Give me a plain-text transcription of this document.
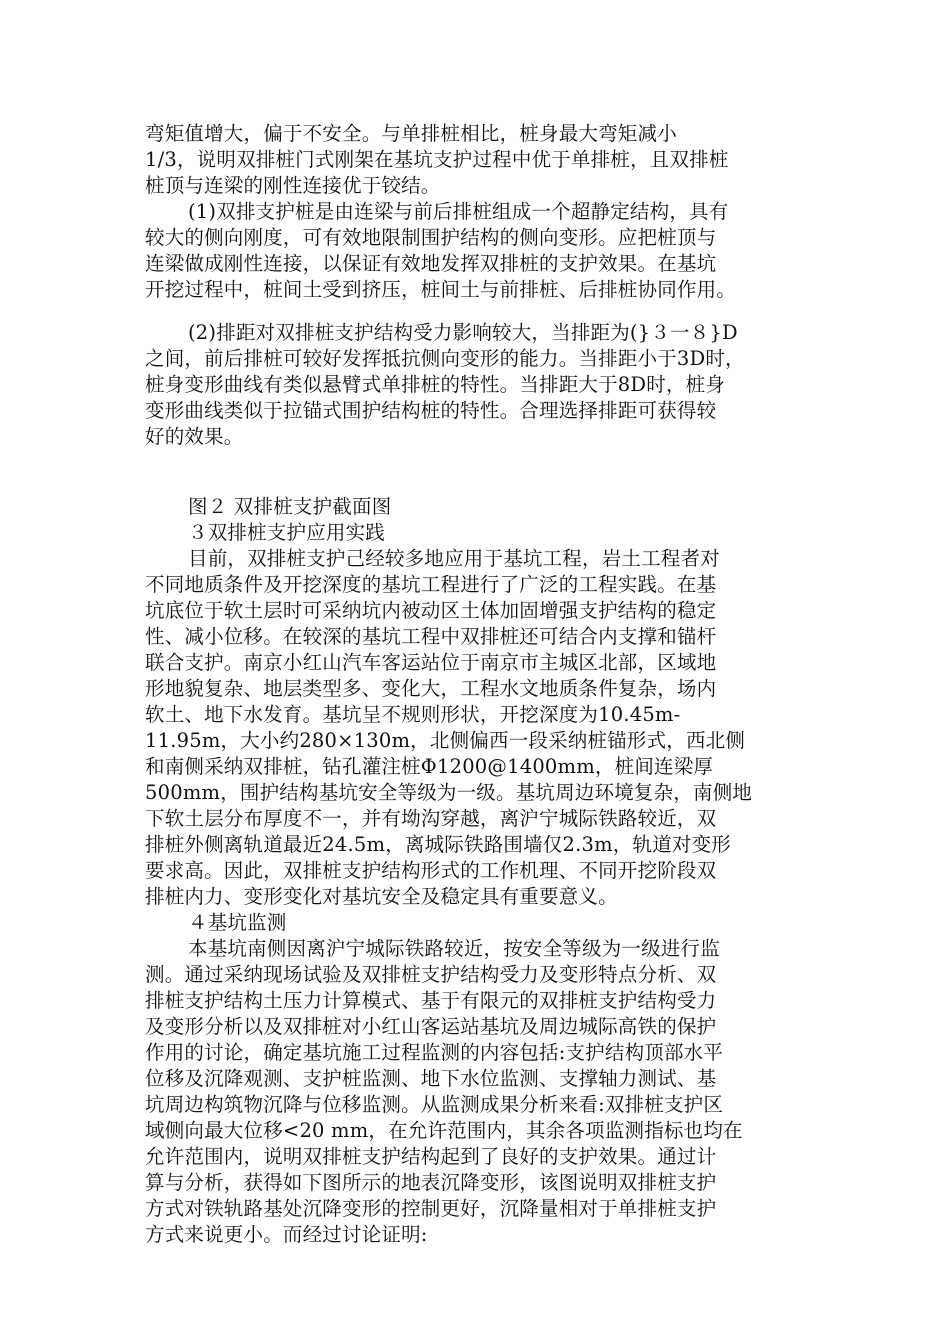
弯矩值增大，偏于不安全。与单排桩相比，桩身最大弯矩减小
1/3，说明双排桩门式刚架在基坑支护过程中优于单排桩，且双排桩
桩顶与连梁的刚性连接优于铰结。
(1)双排支护桩是由连梁与前后排桩组成一个超静定结构，具有
较大的侧向刚度，可有效地限制围护结构的侧向变形。应把桩顶与
连梁做成刚性连接，以保证有效地发挥双排桩的支护效果。在基坑
开挖过程中，桩间土受到挤压，桩间土与前排桩、后排桩协同作用。
(2)排距对双排桩支护结构受力影响较大，当排距为(}３一８}D
之间，前后排桩可较好发挥抵抗侧向变形的能力。当排距小于3D时，
桩身变形曲线有类似悬臂式单排桩的特性。当排距大于8D时，桩身
变形曲线类似于拉锚式围护结构桩的特性。合理选择排距可获得较
好的效果。
图２ 双排桩支护截面图
３双排桩支护应用实践
目前，双排桩支护己经较多地应用于基坑工程，岩土工程者对
不同地质条件及开挖深度的基坑工程进行了广泛的工程实践。在基
坑底位于软土层时可采纳坑内被动区土体加固增强支护结构的稳定
性、减小位移。在较深的基坑工程中双排桩还可结合内支撑和锚杆
联合支护。南京小红山汽车客运站位于南京市主城区北部，区域地
形地貌复杂、地层类型多、变化大，工程水文地质条件复杂，场内
软土、地下水发育。基坑呈不规则形状，开挖深度为10.45m-
11.95m，大小约280×130m，北侧偏西一段采纳桩锚形式，西北侧
和南侧采纳双排桩，钻孔灌注桩Φ1200@1400mm，桩间连梁厚
500mm，围护结构基坑安全等级为一级。基坑周边环境复杂，南侧地
下软土层分布厚度不一，并有坳沟穿越，离沪宁城际铁路较近，双
排桩外侧离轨道最近24.5m，离城际铁路围墙仅2.3m，轨道对变形
要求高。因此，双排桩支护结构形式的工作机理、不同开挖阶段双
排桩内力、变形变化对基坑安全及稳定具有重要意义。
４基坑监测
本基坑南侧因离沪宁城际铁路较近，按安全等级为一级进行监
测。通过采纳现场试验及双排桩支护结构受力及变形特点分析、双
排桩支护结构土压力计算模式、基于有限元的双排桩支护结构受力
及变形分析以及双排桩对小红山客运站基坑及周边城际高铁的保护
作用的讨论，确定基坑施工过程监测的内容包括:支护结构顶部水平
位移及沉降观测、支护桩监测、地下水位监测、支撑轴力测试、基
坑周边构筑物沉降与位移监测。从监测成果分析来看:双排桩支护区
域侧向最大位移<20 mm，在允许范围内，其余各项监测指标也均在
允许范围内，说明双排桩支护结构起到了良好的支护效果。通过计
算与分析，获得如下图所示的地表沉降变形，该图说明双排桩支护
方式对铁轨路基处沉降变形的控制更好，沉降量相对于单排桩支护
方式来说更小。而经过讨论证明:
